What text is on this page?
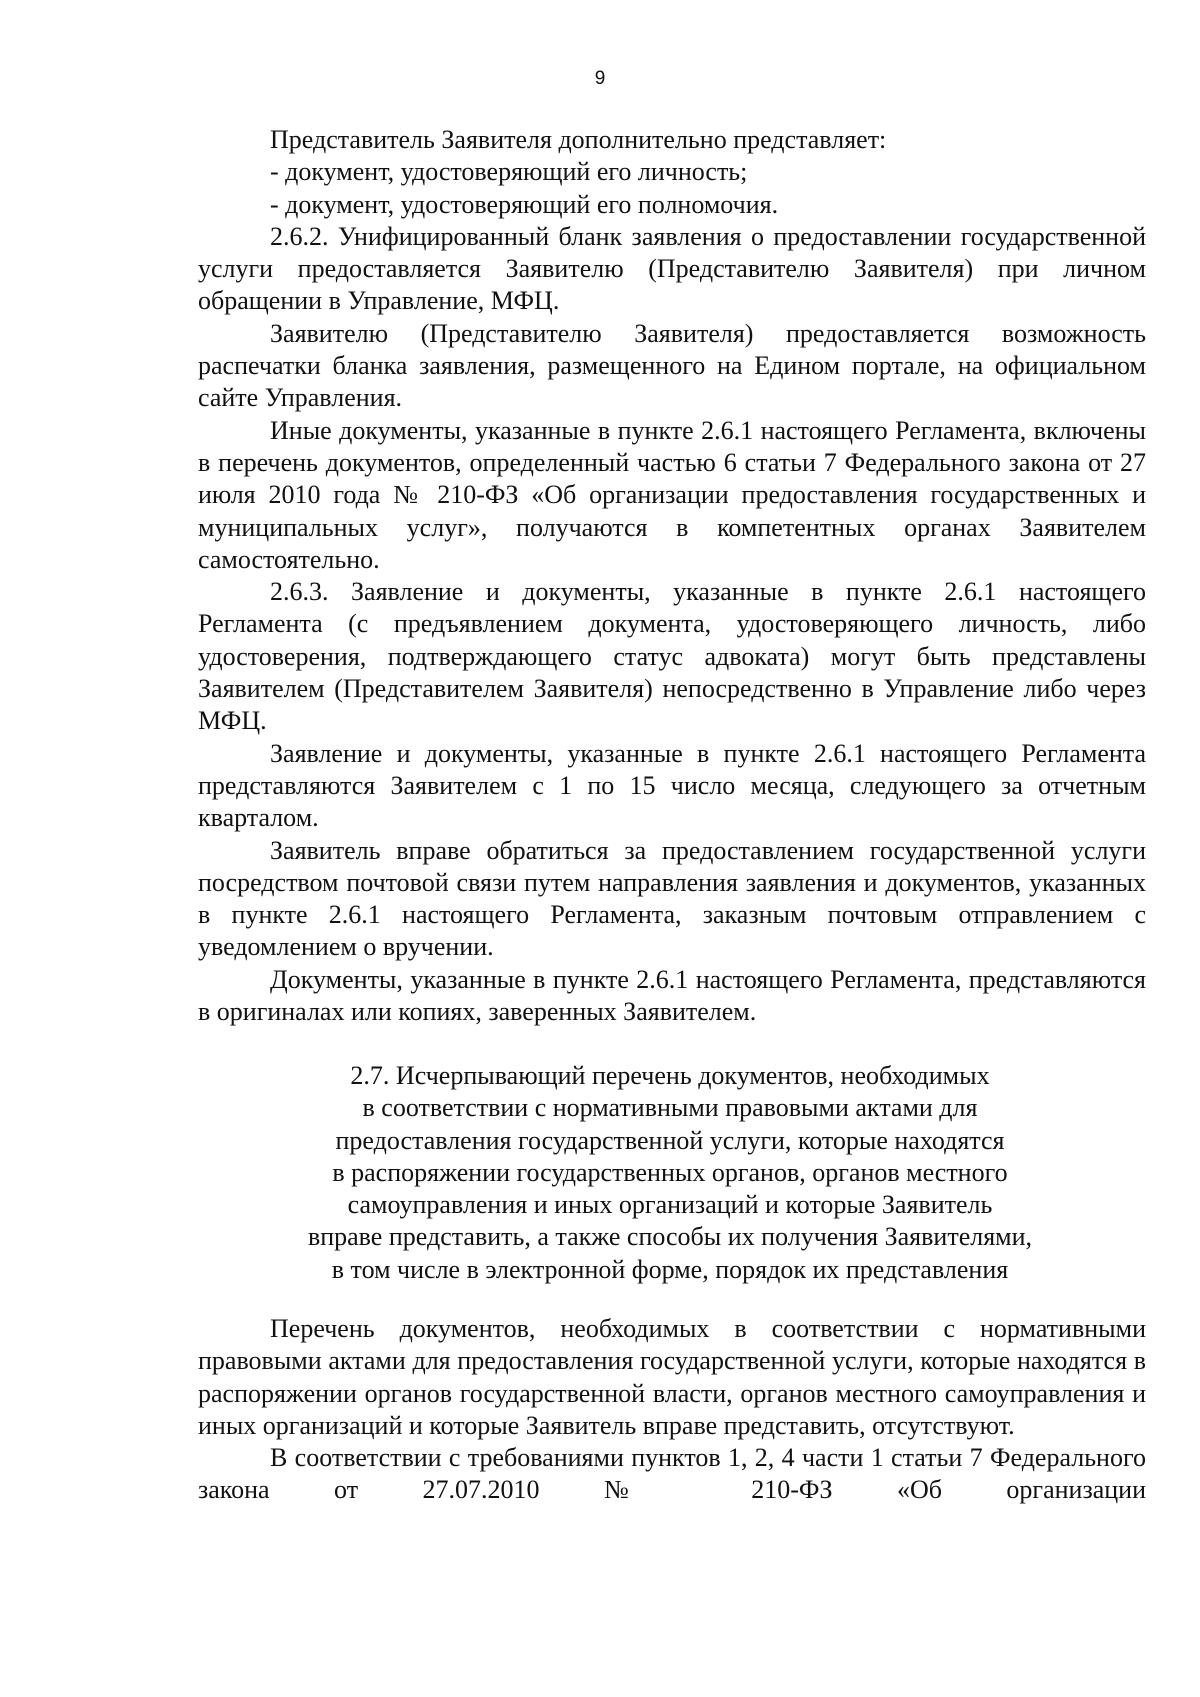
9

Представитель Заявителя дополнительно представляет:

- документ, удостоверяющий его личность;

- документ, удостоверяющий его полномочия.

2.6.2. Унифицированный бланк заявления о предоставлении государственной услуги предоставляется Заявителю (Представителю Заявителя) при личном обращении в Управление, МФЦ.

Заявителю (Представителю Заявителя) предоставляется возможность распечатки бланка заявления, размещенного на Едином портале, на официальном сайте Управления.

Иные документы, указанные в пункте 2.6.1 настоящего Регламента, включены в перечень документов, определенный частью 6 статьи 7 Федерального закона от 27 июля 2010 года № 210-ФЗ «Об организации предоставления государственных и муниципальных услуг», получаются в компетентных органах Заявителем самостоятельно.

2.6.3. Заявление и документы, указанные в пункте 2.6.1 настоящего Регламента (с предъявлением документа, удостоверяющего личность, либо удостоверения, подтверждающего статус адвоката) могут быть представлены Заявителем (Представителем Заявителя) непосредственно в Управление либо через МФЦ.

Заявление и документы, указанные в пункте 2.6.1 настоящего Регламента представляются Заявителем с 1 по 15 число месяца, следующего за отчетным кварталом.

Заявитель вправе обратиться за предоставлением государственной услуги посредством почтовой связи путем направления заявления и документов, указанных в пункте 2.6.1 настоящего Регламента, заказным почтовым отправлением с уведомлением о вручении.

Документы, указанные в пункте 2.6.1 настоящего Регламента, представляются в оригиналах или копиях, заверенных Заявителем.

2.7. Исчерпывающий перечень документов, необходимых
в соответствии с нормативными правовыми актами для
предоставления государственной услуги, которые находятся
в распоряжении государственных органов, органов местного
самоуправления и иных организаций и которые Заявитель
вправе представить, а также способы их получения Заявителями,
в том числе в электронной форме, порядок их представления

Перечень документов, необходимых в соответствии с нормативными правовыми актами для предоставления государственной услуги, которые находятся в распоряжении органов государственной власти, органов местного самоуправления и иных организаций и которые Заявитель вправе представить, отсутствуют.

В соответствии с требованиями пунктов 1, 2, 4 части 1 статьи 7 Федерального закона от 27.07.2010 № 210-ФЗ «Об организации
